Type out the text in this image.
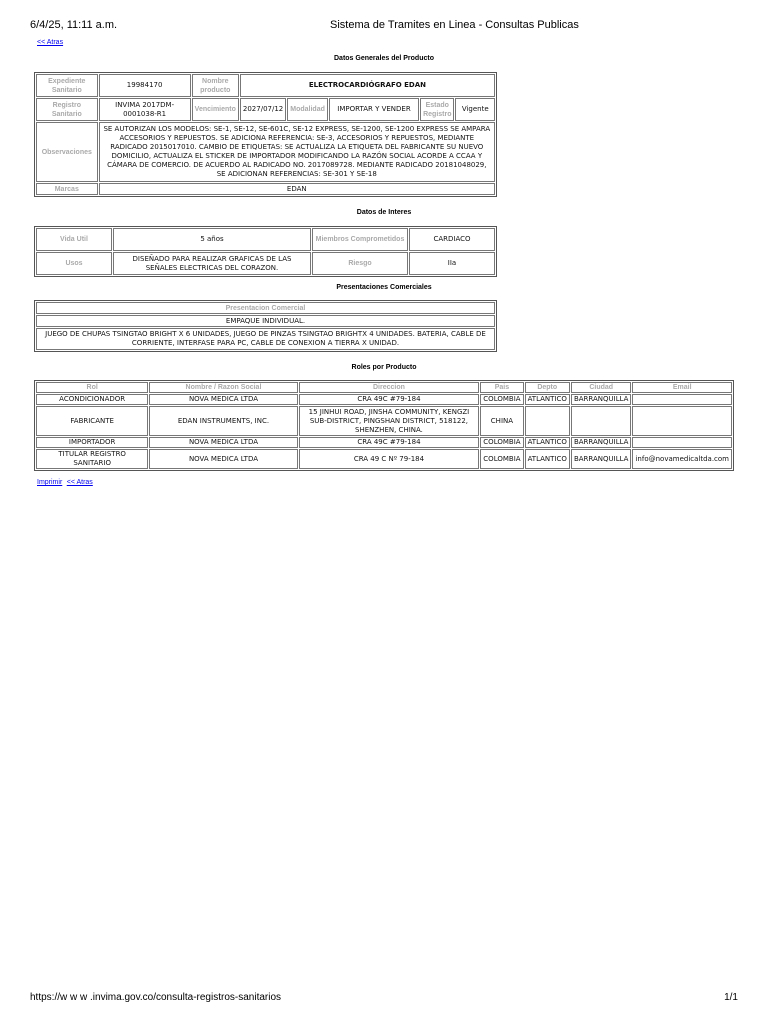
6/4/25, 11:11 a.m.	Sistema de Tramites en Linea - Consultas Publicas
<< Atras
Datos Generales del Producto
Expediente Sanitario	19984170	Nombre producto	ELECTROCARDIÓGRAFO EDAN				
Registro Sanitario	INVIMA 2017DM-0001038-R1	Vencimiento	2027/07/12	Modalidad	IMPORTAR Y VENDER	Estado Registro	Vigente
Observaciones	SE AUTORIZAN LOS MODELOS: SE-1, SE-12, SE-601C, SE-12 EXPRESS, SE-1200, SE-1200 EXPRESS SE AMPARA ACCESORIOS Y REPUESTOS. SE ADICIONA REFERENCIA: SE-3, ACCESORIOS Y REPUESTOS, MEDIANTE RADICADO 2015017010. CAMBIO DE ETIQUETAS: SE ACTUALIZA LA ETIQUETA DEL FABRICANTE SU NUEVO DOMICILIO, ACTUALIZA EL STICKER DE IMPORTADOR MODIFICANDO LA RAZÓN SOCIAL ACORDE A CCAA Y CÁMARA DE COMERCIO. DE ACUERDO AL RADICADO NO. 2017089728. MEDIANTE RADICADO 20181048029, SE ADICIONAN REFERENCIAS: SE-301 Y SE-18						
Marcas	EDAN						
Datos de Interes
Vida Util	5 años	Miembros Comprometidos	CARDIACO
Usos	DISEÑADO PARA REALIZAR GRAFICAS DE LAS SEÑALES ELECTRICAS DEL CORAZON.	Riesgo	IIa
Presentaciones Comerciales
Presentacion Comercial
EMPAQUE INDIVIDUAL.
JUEGO DE CHUPAS TSINGTAO BRIGHT X 6 UNIDADES, JUEGO DE PINZAS TSINGTAO BRIGHTX 4 UNIDADES. BATERIA, CABLE DE CORRIENTE, INTERFASE PARA PC, CABLE DE CONEXION A TIERRA X UNIDAD.
Roles por Producto
Rol	Nombre / Razon Social	Direccion	Pais	Depto	Ciudad	Email
ACONDICIONADOR	NOVA MEDICA LTDA	CRA 49C #79-184	COLOMBIA	ATLANTICO	BARRANQUILLA	
FABRICANTE	EDAN INSTRUMENTS, INC.	15 JINHUI ROAD, JINSHA COMMUNITY, KENGZI SUB-DISTRICT, PINGSHAN DISTRICT, 518122, SHENZHEN, CHINA.	CHINA			
IMPORTADOR	NOVA MEDICA LTDA	CRA 49C #79-184	COLOMBIA	ATLANTICO	BARRANQUILLA	
TITULAR REGISTRO SANITARIO	NOVA MEDICA LTDA	CRA 49 C Nº 79-184	COLOMBIA	ATLANTICO	BARRANQUILLA	info@novamedicaltda.com
Imprimir << Atras
https://w w w .invima.gov.co/consulta-registros-sanitarios	1/1
